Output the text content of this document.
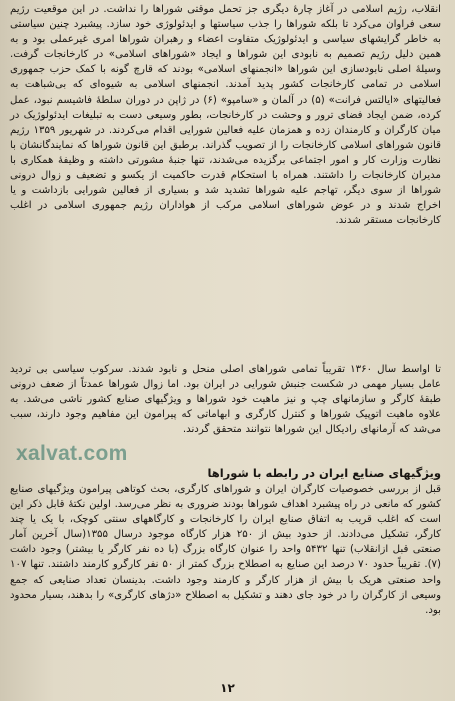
انقلاب، رژیم اسلامی در آغاز چارهٔ دیگری جز تحمل موقتی شوراها را نداشت. در این موقعیت رژیم سعی فراوان می‌کرد تا بلکه شوراها را جذب سیاستها و ایدئولوژی خود سازد. پیشبرد چنین سیاستی به خاطر گرایشهای سیاسی و ایدئولوژیک متفاوت اعضاء و رهبران شوراها امری غیرعملی بود و به همین دلیل رژیم تصمیم به نابودی این شوراها و ایجاد «شوراهای اسلامی» در کارخانجات گرفت. وسیلهٔ اصلی نابودسازی این شوراها «انجمنهای اسلامی» بودند که قارچ گونه با کمک حزب جمهوری اسلامی در تمامی کارخانجات کشور پدید آمدند. انجمنهای اسلامی به شیوه‌ای که بی‌شباهت به فعالیتهای «ایالتس فرانت» (۵) در آلمان و «سامپو» (۶) در ژاپن در دوران سلطهٔ فاشیسم نبود، عمل کرده، ضمن ایجاد فضای ترور و وحشت در کارخانجات، بطور وسیعی دست به تبلیغات ایدئولوژیک در میان کارگران و کارمندان زده و همزمان علیه فعالین شورایی اقدام می‌کردند. در شهریور ۱۳۵۹ رژیم قانون شوراهای اسلامی کارخانجات را از تصویب گذراند. برطبق این قانون شوراها که نمایندگانشان با نظارت وزارت کار و امور اجتماعی برگزیده می‌شدند، تنها جنبهٔ مشورتی داشته و وظیفهٔ همکاری با مدیران کارخانجات را داشتند. همراه با استحکام قدرت حاکمیت از یکسو و تضعیف و زوال درونی شوراها از سوی دیگر، تهاجم علیه شوراها تشدید شد و بسیاری از فعالین شورایی بازداشت و یا اخراج شدند و در عوض شوراهای اسلامی مرکب از هواداران رژیم جمهوری اسلامی در اغلب کارخانجات مستقر شدند.

تا اواسط سال ۱۳۶۰ تقریباً تمامی شوراهای اصلی منحل و نابود شدند. سرکوب سیاسی بی تردید عامل بسیار مهمی در شکست جنبش شورایی در ایران بود. اما زوال شوراها عمدتاً از ضعف درونی طبقهٔ کارگر و سازمانهای چپ و نیز ماهیت خود شوراها و ویژگیهای صنایع کشور ناشی می‌شد. به علاوه ماهیت اتوپیک شوراها و کنترل کارگری و ابهاماتی که پیرامون این مفاهیم وجود دارند، سبب می‌شد که آرمانهای رادیکال این شوراها نتوانند متحقق گردند.

xalvat.com
ویژگیهای صنایع ایران در رابطه با شوراها

قبل از بررسی خصوصیات کارگران ایران و شوراهای کارگری، بحث کوتاهی پیرامون ویژگیهای صنایع کشور که مانعی در راه پیشبرد اهداف شوراها بودند ضروری به نظر می‌رسد. اولین نکتهٔ قابل ذکر این است که اغلب قریب به اتفاق صنایع ایران را کارخانجات و کارگاههای سنتی کوچک، با یک یا چند کارگر، تشکیل می‌دادند. از حدود بیش از ۲۵۰ هزار کارگاه موجود درسال ۱۳۵۵(سال آخرین آمار صنعتی قبل ازانقلاب) تنها ۵۴۳۲ واحد را عنوان کارگاه بزرگ (با ده نفر کارگر یا بیشتر) وجود داشت (۷). تقریباً حدود ۷۰ درصد این صنایع به اصطلاح بزرگ کمتر از ۵۰ نفر کارگرو کارمند داشتند. تنها ۱۰۷ واحد صنعتی هریک با بیش از هزار کارگر و کارمند وجود داشت. بدینسان تعداد صنایعی که جمع وسیعی از کارگران را در خود جای دهند و تشکیل به اصطلاح «دژهای کارگری» را بدهند، بسیار محدود بود.

۱۲
